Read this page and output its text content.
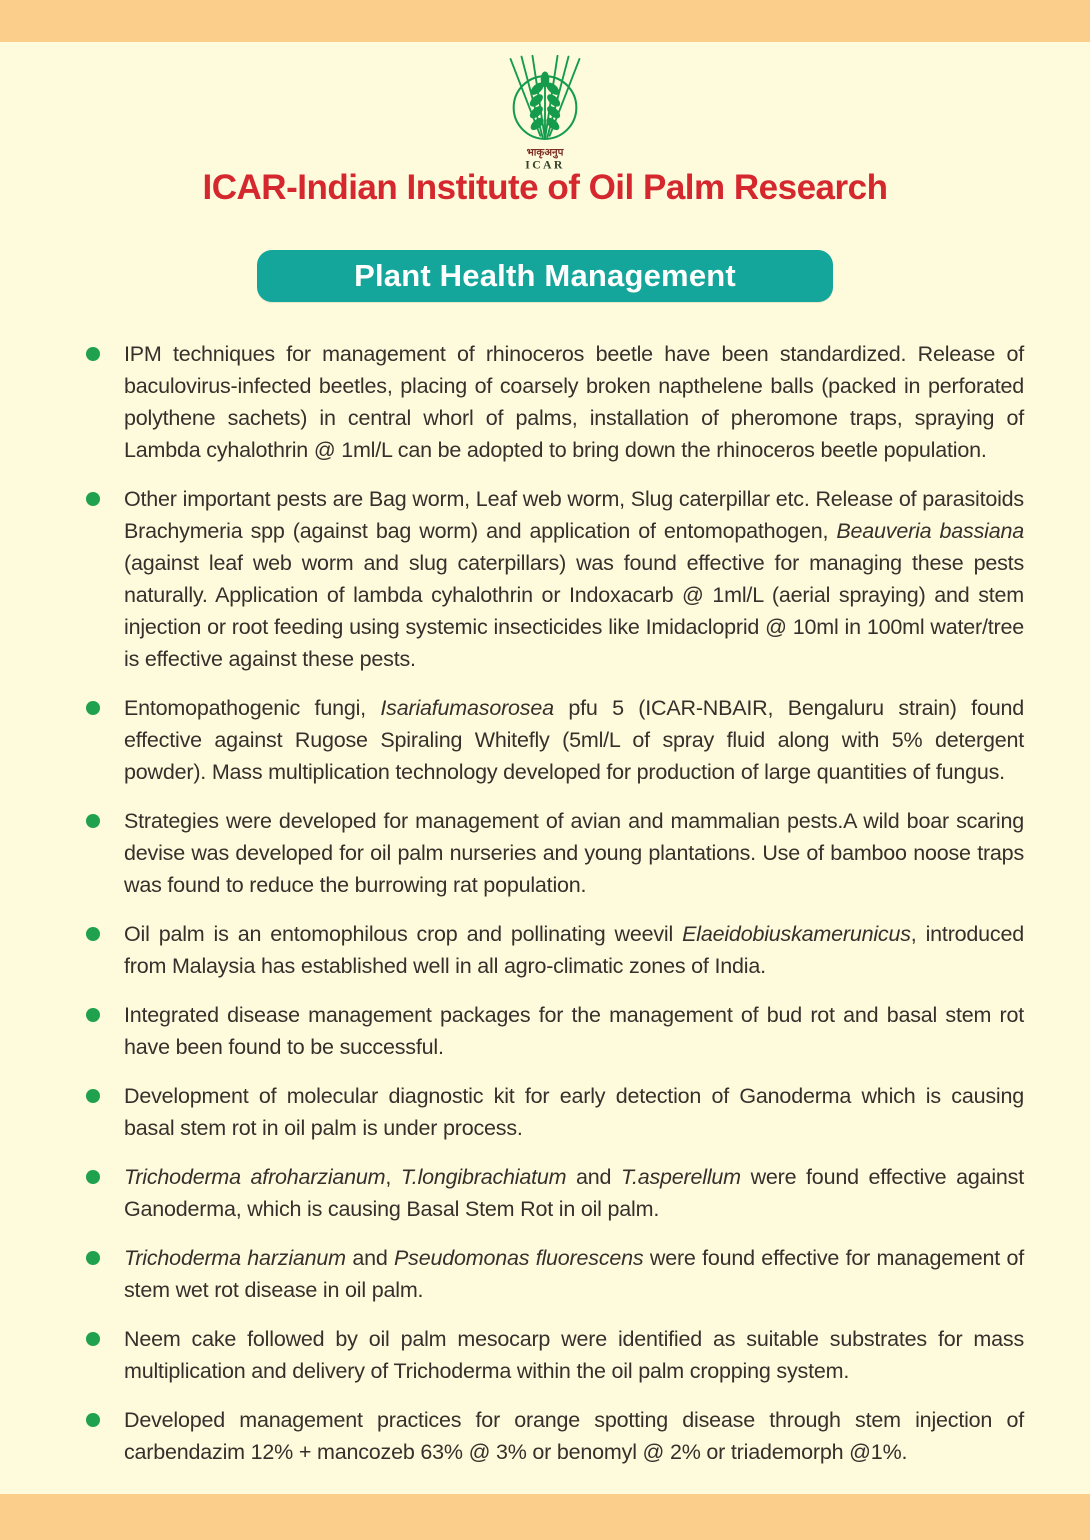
भाकृअनुप
ICAR
ICAR-Indian Institute of Oil Palm Research
Plant Health Management

IPM techniques for management of rhinoceros beetle have been standardized. Release of baculovirus-infected beetles, placing of coarsely broken napthelene balls (packed in perforated polythene sachets) in central whorl of palms, installation of pheromone traps, spraying of Lambda cyhalothrin @ 1ml/L can be adopted to bring down the rhinoceros beetle population.

Other important pests are Bag worm, Leaf web worm, Slug caterpillar etc. Release of parasitoids Brachymeria spp (against bag worm) and application of entomopathogen, Beauveria bassiana (against leaf web worm and slug caterpillars) was found effective for managing these pests naturally. Application of lambda cyhalothrin or Indoxacarb @ 1ml/L (aerial spraying) and stem injection or root feeding using systemic insecticides like Imidacloprid @ 10ml in 100ml water/tree is effective against these pests.

Entomopathogenic fungi, Isariafumasorosea pfu 5 (ICAR-NBAIR, Bengaluru strain) found effective against Rugose Spiraling Whitefly (5ml/L of spray fluid along with 5% detergent powder). Mass multiplication technology developed for production of large quantities of fungus.

Strategies were developed for management of avian and mammalian pests.A wild boar scaring devise was developed for oil palm nurseries and young plantations. Use of bamboo noose traps was found to reduce the burrowing rat population.

Oil palm is an entomophilous crop and pollinating weevil Elaeidobiuskamerunicus, introduced from Malaysia has established well in all agro-climatic zones of India.

Integrated disease management packages for the management of bud rot and basal stem rot have been found to be successful.

Development of molecular diagnostic kit for early detection of Ganoderma which is causing basal stem rot in oil palm is under process.

Trichoderma afroharzianum, T.longibrachiatum and T.asperellum were found effective against Ganoderma, which is causing Basal Stem Rot in oil palm.

Trichoderma harzianum and Pseudomonas fluorescens were found effective for management of stem wet rot disease in oil palm.

Neem cake followed by oil palm mesocarp were identified as suitable substrates for mass multiplication and delivery of Trichoderma within the oil palm cropping system.

Developed management practices for orange spotting disease through stem injection of carbendazim 12% + mancozeb 63% @ 3% or benomyl @ 2% or triademorph @1%.
